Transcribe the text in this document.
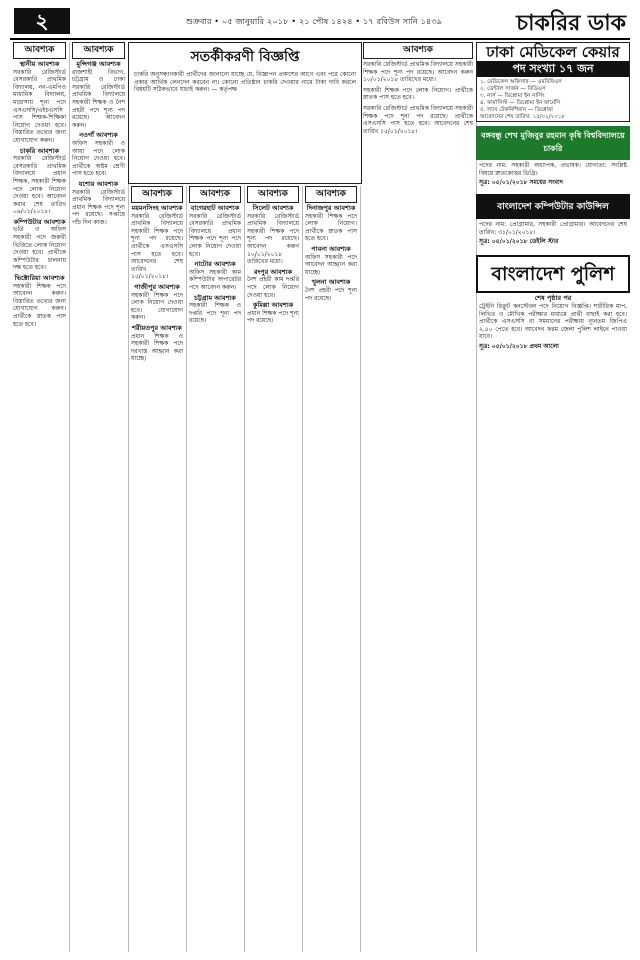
২	শুক্রবার • ০৫ জানুয়ারি ২০১৮ • ২১ পৌষ ১৪২৪ • ১৭ রবিউস সানি ১৪৩৯	চাকরির ডাক
আবশ্যক
স্থানীয় আবশ্যক

সরকারি রেজিস্টার্ড বেসরকারি প্রাথমিক বিদ্যালয়, নন-এমপিও মাধ্যমিক বিদ্যালয়, মাদ্রাসায় শূন্য পদে এসএসসি/এইচএসসি পাস শিক্ষক-শিক্ষিকা নিয়োগ দেওয়া হবে। বিস্তারিত তথ্যের জন্য যোগাযোগ করুন।

চাকরি আবশ্যক

সরকারি রেজিস্টার্ড বেসরকারি প্রাথমিক বিদ্যালয়ে প্রধান শিক্ষক, সহকারী শিক্ষক পদে লোক নিয়োগ দেওয়া হবে। আবেদন করার শেষ তারিখ ০৯/০১/২০১৮।

কম্পিউটার আবশ্যক

ভর্তি ও অফিস সহকারী পদে জরুরী ভিত্তিতে লোক নিয়োগ দেওয়া হবে। প্রার্থীকে কম্পিউটার চালনায় দক্ষ হতে হবে।

ভিক্টোরিয়া আবশ্যক

সহকারী শিক্ষক পদে আবেদন করুন। বিস্তারিত তথ্যের জন্য যোগাযোগ করুন। প্রার্থীকে স্নাতক পাস হতে হবে।

আবশ্যক
মুন্সিগঞ্জ আবশ্যক

রাজশাহী বিভাগ, চট্টগ্রাম ও ঢাকা সরকারি রেজিস্টার্ড প্রাথমিক বিদ্যালয়ে সহকারী শিক্ষক ও নৈশ প্রহরী পদে শূন্য পদ রয়েছে। আবেদন করুন।

নওগাঁ আবশ্যক

অফিস সহকারী ও আয়া পদে লোক নিয়োগ দেওয়া হবে। প্রার্থীকে অষ্টম শ্রেণী পাস হতে হবে।

যশোর আবশ্যক

সরকারি রেজিস্টার্ড প্রাথমিক বিদ্যালয়ে প্রধান শিক্ষক পদে শূন্য পদ রয়েছে। সপ্তাহে পাঁচ দিন কাজ।

সতর্কীকরণী বিজ্ঞপ্তি
চাকরি অনুসন্ধানকারী প্রার্থীদের জানানো যাচ্ছে যে, বিজ্ঞাপন প্রকাশের আগে এবং পরে কোনো প্রকার আর্থিক লেনদেন করবেন না। কোনো প্রতিষ্ঠান চাকরি দেওয়ার নামে টাকা দাবি করলে বিষয়টি সঠিকভাবে যাচাই করুন। — কর্তৃপক্ষ
আবশ্যক
ময়মনসিংহ আবশ্যক

সরকারি রেজিস্টার্ড প্রাথমিক বিদ্যালয়ে সহকারী শিক্ষক পদে শূন্য পদ রয়েছে। প্রার্থীকে এসএসসি পাস হতে হবে। আবেদনের শেষ তারিখ ১৫/০১/২০১৮।

গাজীপুর আবশ্যক

সহকারী শিক্ষক পদে লোক নিয়োগ দেওয়া হবে। যোগাযোগ করুন।

শরীয়তপুর আবশ্যক

প্রধান শিক্ষক ও সহকারী শিক্ষক পদে দরখাস্ত আহ্বান করা যাচ্ছে।

আবশ্যক
বাগেরহাট আবশ্যক

সরকারি রেজিস্টার্ড বেসরকারি প্রাথমিক বিদ্যালয়ে প্রধান শিক্ষক পদে শূন্য পদে লোক নিয়োগ দেওয়া হবে।

নাটোর আবশ্যক

অফিস সহকারী কাম কম্পিউটার অপারেটর পদে আবেদন করুন।

চট্টগ্রাম আবশ্যক

সহকারী শিক্ষক ও দপ্তরি পদে শূন্য পদ রয়েছে।

আবশ্যক
সিলেট আবশ্যক

সরকারি রেজিস্টার্ড প্রাথমিক বিদ্যালয়ে সহকারী শিক্ষক পদে শূন্য পদ রয়েছে। আবেদন করুন ১০/০১/২০১৮ তারিখের মধ্যে।

রংপুর আবশ্যক

নৈশ প্রহরী কাম দপ্তরি পদে লোক নিয়োগ দেওয়া হবে।

কুমিল্লা আবশ্যক

প্রধান শিক্ষক পদে শূন্য পদ রয়েছে।

আবশ্যক
দিনাজপুর আবশ্যক

সহকারী শিক্ষক পদে লোক নিয়োগ। প্রার্থীকে স্নাতক পাস হতে হবে।

পাবনা আবশ্যক

অফিস সহকারী পদে আবেদন আহ্বান করা যাচ্ছে।

খুলনা আবশ্যক

নৈশ প্রহরী পদে শূন্য পদ রয়েছে।

আবশ্যক

সরকারি রেজিস্টার্ড প্রাথমিক বিদ্যালয়ে সহকারী শিক্ষক পদে শূন্য পদ রয়েছে। আবেদন করুন ১০/০১/২০১৮ তারিখের মধ্যে।

সহকারী শিক্ষক পদে লোক নিয়োগ। প্রার্থীকে স্নাতক পাস হতে হবে।

সরকারি রেজিস্টার্ড প্রাথমিক বিদ্যালয়ে সহকারী শিক্ষক পদে শূন্য পদ রয়েছে। প্রার্থীকে এসএসসি পাস হতে হবে। আবেদনের শেষ তারিখ ১৫/০১/২০১৮।

ঢাকা মেডিকেল কেয়ার
পদ সংখ্যা ১৭ জন
১. মেডিকেল অফিসার — এমবিবিএস
২. ডেন্টাল সার্জন — বিডিএস
৩. নার্স — ডিপ্লোমা ইন নার্সিং
৪. ফার্মাসিস্ট — ডিপ্লোমা ইন ফার্মেসি
৫. ল্যাব টেকনিশিয়ান — ডিপ্লোমা
আবেদনের শেষ তারিখ: ১৫/০১/২০১৮
বঙ্গবন্ধু শেখ মুজিবুর রহমান কৃষি বিশ্ববিদ্যালয়ে চাকরি
পদের নাম: সহকারী অধ্যাপক, প্রভাষক। যোগ্যতা: সংশ্লিষ্ট বিষয়ে স্নাতকোত্তর ডিগ্রি।
সূত্র: ০৫/০১/২০১৮ সময়ের সংবাদ
বাংলাদেশ কম্পিউটার কাউন্সিল
পদের নাম: প্রোগ্রামার, সহকারী প্রোগ্রামার। আবেদনের শেষ তারিখ: ৩১/০১/২০১৮।
সূত্র: ০৫/০১/২০১৮ ডেইলি স্টার
বাংলাদেশ পুলিশ
শেষ পৃষ্ঠার পর
ট্রেইনি রিক্রুট কনস্টেবল পদে নিয়োগ বিজ্ঞপ্তি। শারীরিক মাপ, লিখিত ও মৌখিক পরীক্ষার মাধ্যমে প্রার্থী বাছাই করা হবে। প্রার্থীকে এসএসসি বা সমমানের পরীক্ষায় ন্যূনতম জিপিএ ২.৫০ পেতে হবে। আবেদন ফরম জেলা পুলিশ লাইনে পাওয়া যাবে।
সূত্র: ০৫/০১/২০১৮ প্রথম আলো
